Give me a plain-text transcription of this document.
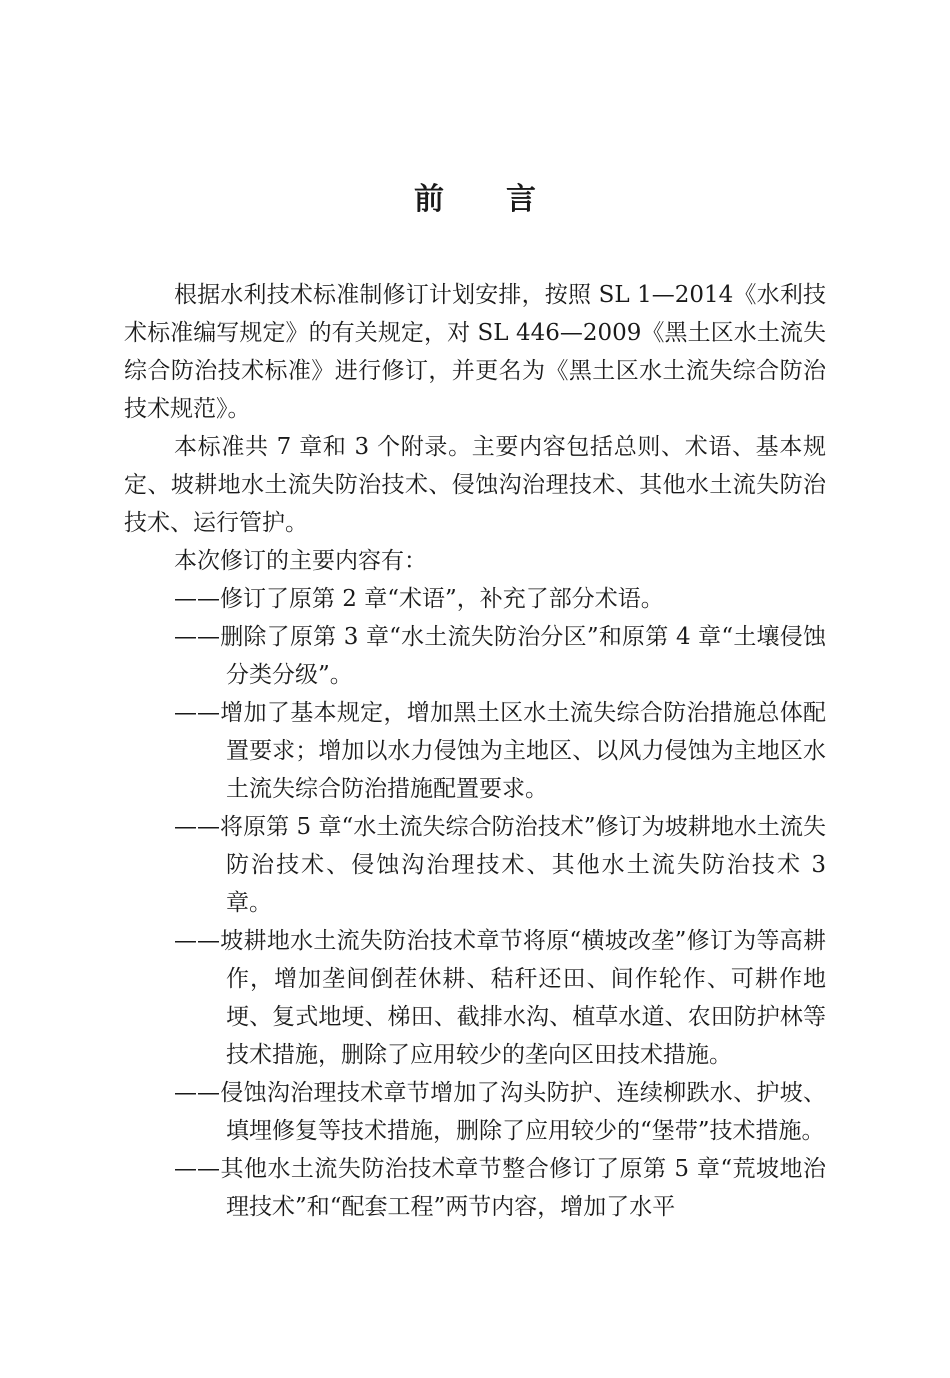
前言

根据水利技术标准制修订计划安排，按照 SL 1—2014《水利技术标准编写规定》的有关规定，对 SL 446—2009《黑土区水土流失综合防治技术标准》进行修订，并更名为《黑土区水土流失综合防治技术规范》。

本标准共 7 章和 3 个附录。主要内容包括总则、术语、基本规定、坡耕地水土流失防治技术、侵蚀沟治理技术、其他水土流失防治技术、运行管护。

本次修订的主要内容有：

——修订了原第 2 章“术语”，补充了部分术语。

——删除了原第 3 章“水土流失防治分区”和原第 4 章“土壤侵蚀分类分级”。

——增加了基本规定，增加黑土区水土流失综合防治措施总体配置要求；增加以水力侵蚀为主地区、以风力侵蚀为主地区水土流失综合防治措施配置要求。

——将原第 5 章“水土流失综合防治技术”修订为坡耕地水土流失防治技术、侵蚀沟治理技术、其他水土流失防治技术 3 章。

——坡耕地水土流失防治技术章节将原“横坡改垄”修订为等高耕作，增加垄间倒茬休耕、秸秆还田、间作轮作、可耕作地埂、复式地埂、梯田、截排水沟、植草水道、农田防护林等技术措施，删除了应用较少的垄向区田技术措施。

——侵蚀沟治理技术章节增加了沟头防护、连续柳跌水、护坡、填埋修复等技术措施，删除了应用较少的“堡带”技术措施。

——其他水土流失防治技术章节整合修订了原第 5 章“荒坡地治理技术”和“配套工程”两节内容，增加了水平
